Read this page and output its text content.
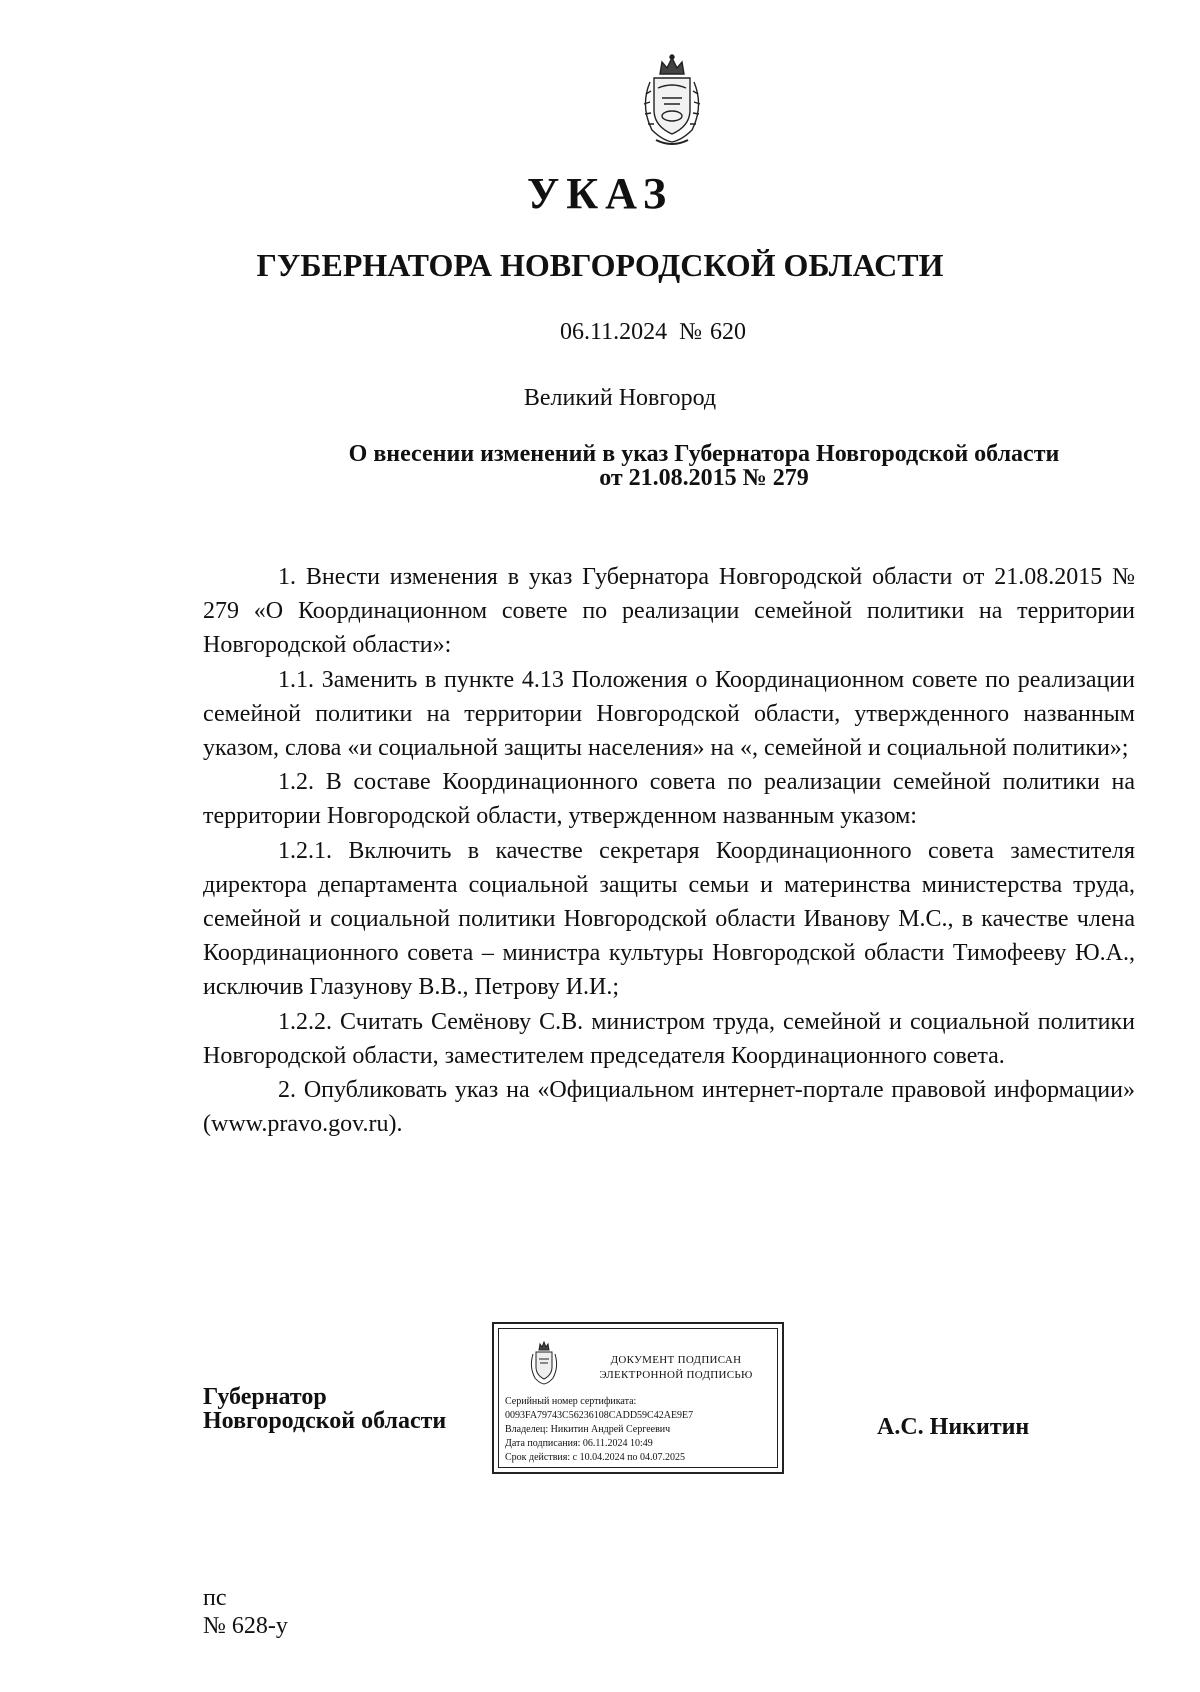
УКАЗ
ГУБЕРНАТОРА НОВГОРОДСКОЙ ОБЛАСТИ
06.11.2024 № 620
Великий Новгород
О внесении изменений в указ Губернатора Новгородской области
от 21.08.2015 № 279

1. Внести изменения в указ Губернатора Новгородской области от 21.08.2015 № 279 «О Координационном совете по реализации семейной политики на территории Новгородской области»:

1.1. Заменить в пункте 4.13 Положения о Координационном совете по реализации семейной политики на территории Новгородской области, утвержденного названным указом, слова «и социальной защиты населения» на «, семейной и социальной политики»;

1.2. В составе Координационного совета по реализации семейной политики на территории Новгородской области, утвержденном названным указом:

1.2.1. Включить в качестве секретаря Координационного совета заместителя директора департамента социальной защиты семьи и материнства министерства труда, семейной и социальной политики Новгородской области Иванову М.С., в качестве члена Координационного совета – министра культуры Новгородской области Тимофееву Ю.А., исключив Глазунову В.В., Петрову И.И.;

1.2.2. Считать Семёнову С.В. министром труда, семейной и социальной политики Новгородской области, заместителем председателя Координационного совета.

2. Опубликовать указ на «Официальном интернет-портале правовой информации» (www.pravo.gov.ru).

Губернатор
Новгородской области
ДОКУМЕНТ ПОДПИСАН
ЭЛЕКТРОННОЙ ПОДПИСЬЮ
Серийный номер сертификата:
0093FA79743C56236108CADD59C42AE9E7
Владелец: Никитин Андрей Сергеевич
Дата подписания: 06.11.2024 10:49
Срок действия: с 10.04.2024 по 04.07.2025
А.С. Никитин
пс
№ 628-у
